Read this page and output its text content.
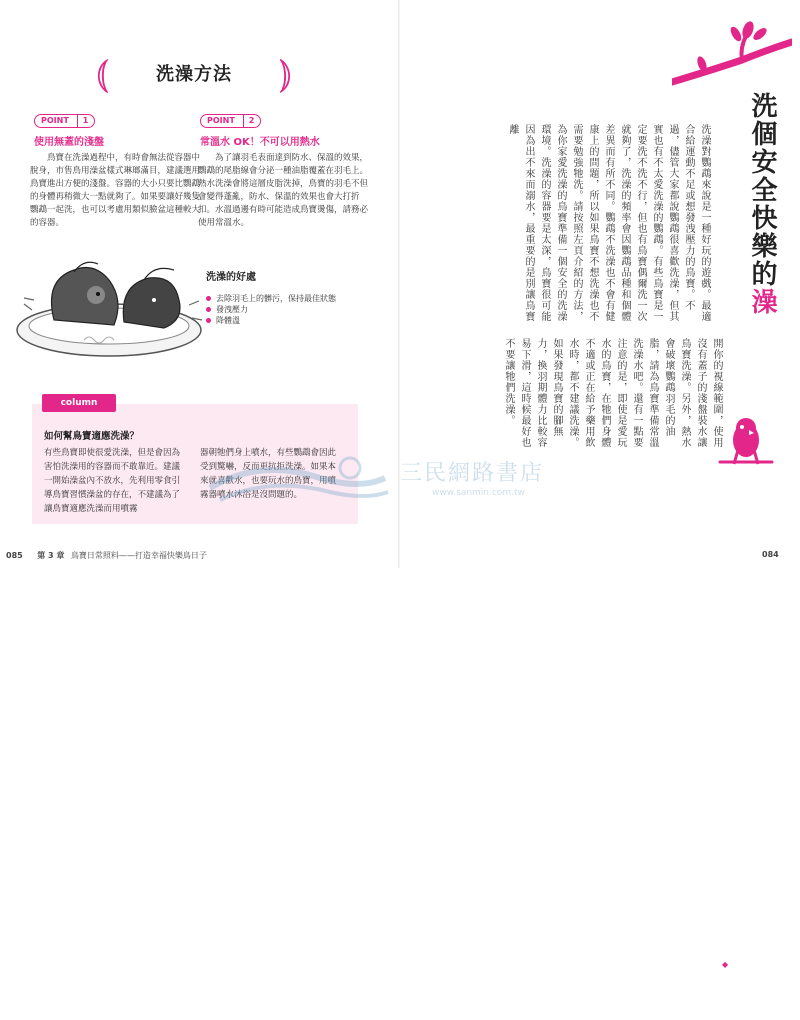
⦅	洗澡方法	⦆
POINT 1
使用無蓋的淺盤
鳥寶在洗澡過程中，有時會無法從容器中脫身，市售鳥用澡盆樣式琳瑯滿目，建議選用鳥寶進出方便的淺盤。容器的大小只要比鸚鵡的身體再稍微大一點就夠了。如果要讓好幾隻鸚鵡一起洗，也可以考慮用類似臉盆這種較大的容器。
POINT 2
常溫水 OK！不可以用熱水
為了讓羽毛表面達到防水、保溫的效果，鸚鵡的尾脂線會分泌一種油脂覆蓋在羽毛上。熱水洗澡會將這層皮脂洗掉，鳥寶的羽毛不但會變得蓬亂，防水、保溫的效果也會大打折扣。水溫過邊有時可能造成鳥寶燙傷，請務必使用常溫水。
洗澡的好處
去除羽毛上的髒污，保持最佳狀態
發洩壓力
降體溫
column
如何幫鳥寶適應洗澡？
有些鳥寶即使很愛洗澡，但是會因為害怕洗澡用的容器而不敢靠近。建議一開始澡盆內不放水，先利用零食引導鳥寶習慣澡盆的存在，不建議為了讓鳥寶適應洗澡而用噴霧
器朝牠們身上噴水，有些鸚鵡會因此受到驚嚇，反而更抗拒洗澡。如果本來就喜歡水，也要玩水的鳥寶，用噴霧器噴水沐浴是沒問題的。
085 第 3 章
◆
鳥寶日常照料——打造幸福快樂鳥日子
洗個安全快樂的澡
洗澡對鸚鵡來說是一種好玩的遊戲。最適合給運動不足或想發洩壓力的鳥寶。不過，儘管大家都說鸚鵡很喜歡洗澡，但其實也有不太愛洗澡的鸚鵡。有些鳥寶是一定要洗不洗不行，但也有鳥寶偶爾洗一次就夠了，洗澡的頻率會因鸚鵡品種和個體差異而有所不同。鸚鵡不洗澡也不會有健康上的問題，所以如果鳥寶不想洗澡也不需要勉強牠洗。請按照左頁介紹的方法，為你家愛洗澡的鳥寶準備一個安全的洗澡環境。洗澡的容器要是太深，鳥寶很可能因為出不來而溺水，最重要的是別讓鳥寶離
開你的視線範圍，使用沒有蓋子的淺盤裝水讓鳥寶洗澡。另外，熱水會破壞鸚鵡羽毛的油脂，請為鳥寶準備常溫洗澡水吧。還有一點要注意的是，即使是愛玩水的鳥寶，在牠們身體不適或正在給予藥用飲水時，都不建議洗澡。如果發現鳥寶的腳無力，換羽期體力比較容易下滑，這時候最好也不要讓牠們洗澡。
084
三民網路書店
www.sanmin.com.tw
